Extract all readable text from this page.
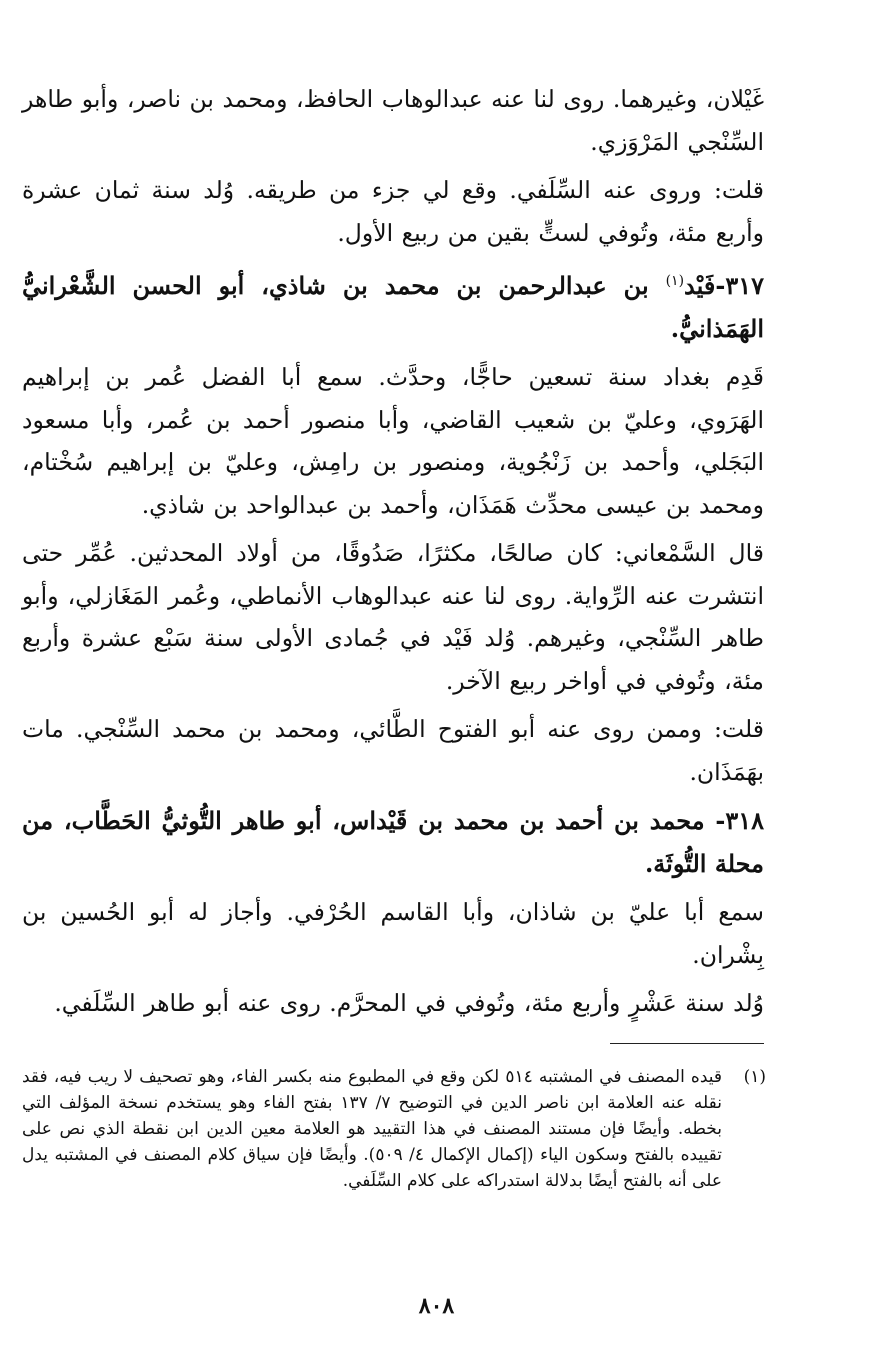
غَيْلان، وغيرهما. روى لنا عنه عبدالوهاب الحافظ، ومحمد بن ناصر، وأبو طاهر السِّنْجي المَرْوَزي.

قلت: وروى عنه السِّلَفي. وقع لي جزء من طريقه. وُلد سنة ثمان عشرة وأربع مئة، وتُوفي لستٍّ بقين من ربيع الأول.

٣١٧-فَيْد$^{(١)}$ بن عبدالرحمن بن محمد بن شاذي، أبو الحسن الشَّعْرانيُّ الهَمَذانيُّ.

قَدِم بغداد سنة تسعين حاجًّا، وحدَّث. سمع أبا الفضل عُمر بن إبراهيم الهَرَوي، وعليّ بن شعيب القاضي، وأبا منصور أحمد بن عُمر، وأبا مسعود البَجَلي، وأحمد بن زَنْجُوية، ومنصور بن رامِش، وعليّ بن إبراهيم سُخْتام، ومحمد بن عيسى محدِّث هَمَذَان، وأحمد بن عبدالواحد بن شاذي.

قال السَّمْعاني: كان صالحًا، مكثرًا، صَدُوقًا، من أولاد المحدثين. عُمِّر حتى انتشرت عنه الرِّواية. روى لنا عنه عبدالوهاب الأنماطي، وعُمر المَغَازلي، وأبو طاهر السِّنْجي، وغيرهم. وُلد فَيْد في جُمادى الأولى سنة سَبْع عشرة وأربع مئة، وتُوفي في أواخر ربيع الآخر.

قلت: وممن روى عنه أبو الفتوح الطَّائي، ومحمد بن محمد السِّنْجي. مات بهَمَذَان.

٣١٨- محمد بن أحمد بن محمد بن قَيْداس، أبو طاهر التُّوثيُّ الحَطَّاب، من محلة التُّوثَة.

سمع أبا عليّ بن شاذان، وأبا القاسم الحُرْفي. وأجاز له أبو الحُسين بن بِشْران.

وُلد سنة عَشْرٍ وأربع مئة، وتُوفي في المحرَّم. روى عنه أبو طاهر السِّلَفي.

(١)
قيده المصنف في المشتبه ٥١٤ لكن وقع في المطبوع منه بكسر الفاء، وهو تصحيف لا ريب فيه، فقد نقله عنه العلامة ابن ناصر الدين في التوضيح ٧/ ١٣٧ بفتح الفاء وهو يستخدم نسخة المؤلف التي بخطه. وأيضًا فإن مستند المصنف في هذا التقييد هو العلامة معين الدين ابن نقطة الذي نص على تقييده بالفتح وسكون الياء (إكمال الإكمال ٤/ ٥٠٩). وأيضًا فإن سياق كلام المصنف في المشتبه يدل على أنه بالفتح أيضًا بدلالة استدراكه على كلام السِّلَفي.
٨٠٨
